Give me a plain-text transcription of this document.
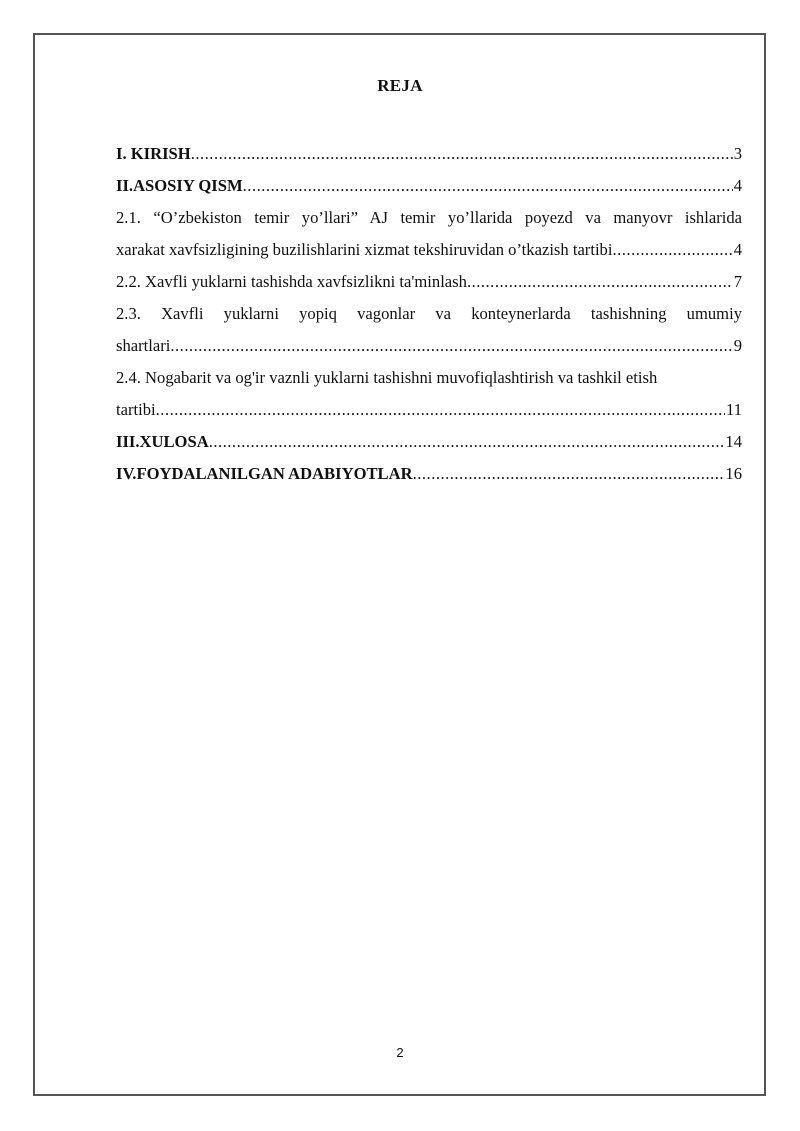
REJA
I. KIRISH .....	3
II.ASOSIY QISM .....	4
2.1. “O’zbekiston temir yo’llari” AJ temir yo’llarida poyezd va manyovr ishlarida
xarakat xavfsizligining buzilishlarini xizmat tekshiruvidan o’tkazish tartibi .....	4
2.2. Xavfli yuklarni tashishda xavfsizlikni ta'minlash .....	7
2.3. Xavfli yuklarni yopiq vagonlar va konteynerlarda tashishning umumiy
shartlari .....	9
2.4. Nogabarit va og'ir vaznli yuklarni tashishni muvofiqlashtirish va tashkil etish
tartibi .....	11
III.XULOSA .....	14
IV.FOYDALANILGAN ADABIYOTLAR .....	16
2
